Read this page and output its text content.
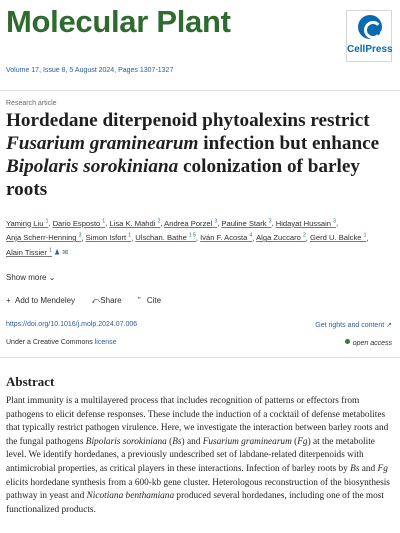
Molecular Plant
Volume 17, Issue 8, 5 August 2024, Pages 1307-1327
CellPress
Research article
Hordedane diterpenoid phytoalexins restrict Fusarium graminearum infection but enhance Bipolaris sorokiniana colonization of barley roots
Yaming Liu $^1$, Dario Esposto $^1$, Lisa K. Mahdi $^2$, Andrea Porzel $^3$, Pauline Stark $^3$, Hidayat Hussain $^3$, Anja Scherr-Henning $^3$, Simon Isfort $^1$, Ulschan. Bathe $^{1 5}$, Iván F. Acosta $^4$, Alga Zuccaro $^2$, Gerd U. Balcke $^1$, Alain Tissier $^1$ ♟ ✉
Show more ⌄
+ Add to Mendeley ⤺Share ” Cite
https://doi.org/10.1016/j.molp.2024.07.006	Get rights and content ↗
Under a Creative Commons license	open access
Abstract

Plant immunity is a multilayered process that includes recognition of patterns or effectors from pathogens to elicit defense responses. These include the induction of a cocktail of defense metabolites that typically restrict pathogen virulence. Here, we investigate the interaction between barley roots and the fungal pathogens Bipolaris sorokiniana (Bs) and Fusarium graminearum (Fg) at the metabolite level. We identify hordedanes, a previously undescribed set of labdane-related diterpenoids with antimicrobial properties, as critical players in these interactions. Infection of barley roots by Bs and Fg elicits hordedane synthesis from a 600-kb gene cluster. Heterologous reconstruction of the biosynthesis pathway in yeast and Nicotiana benthamiana produced several hordedanes, including one of the most functionalized products.
